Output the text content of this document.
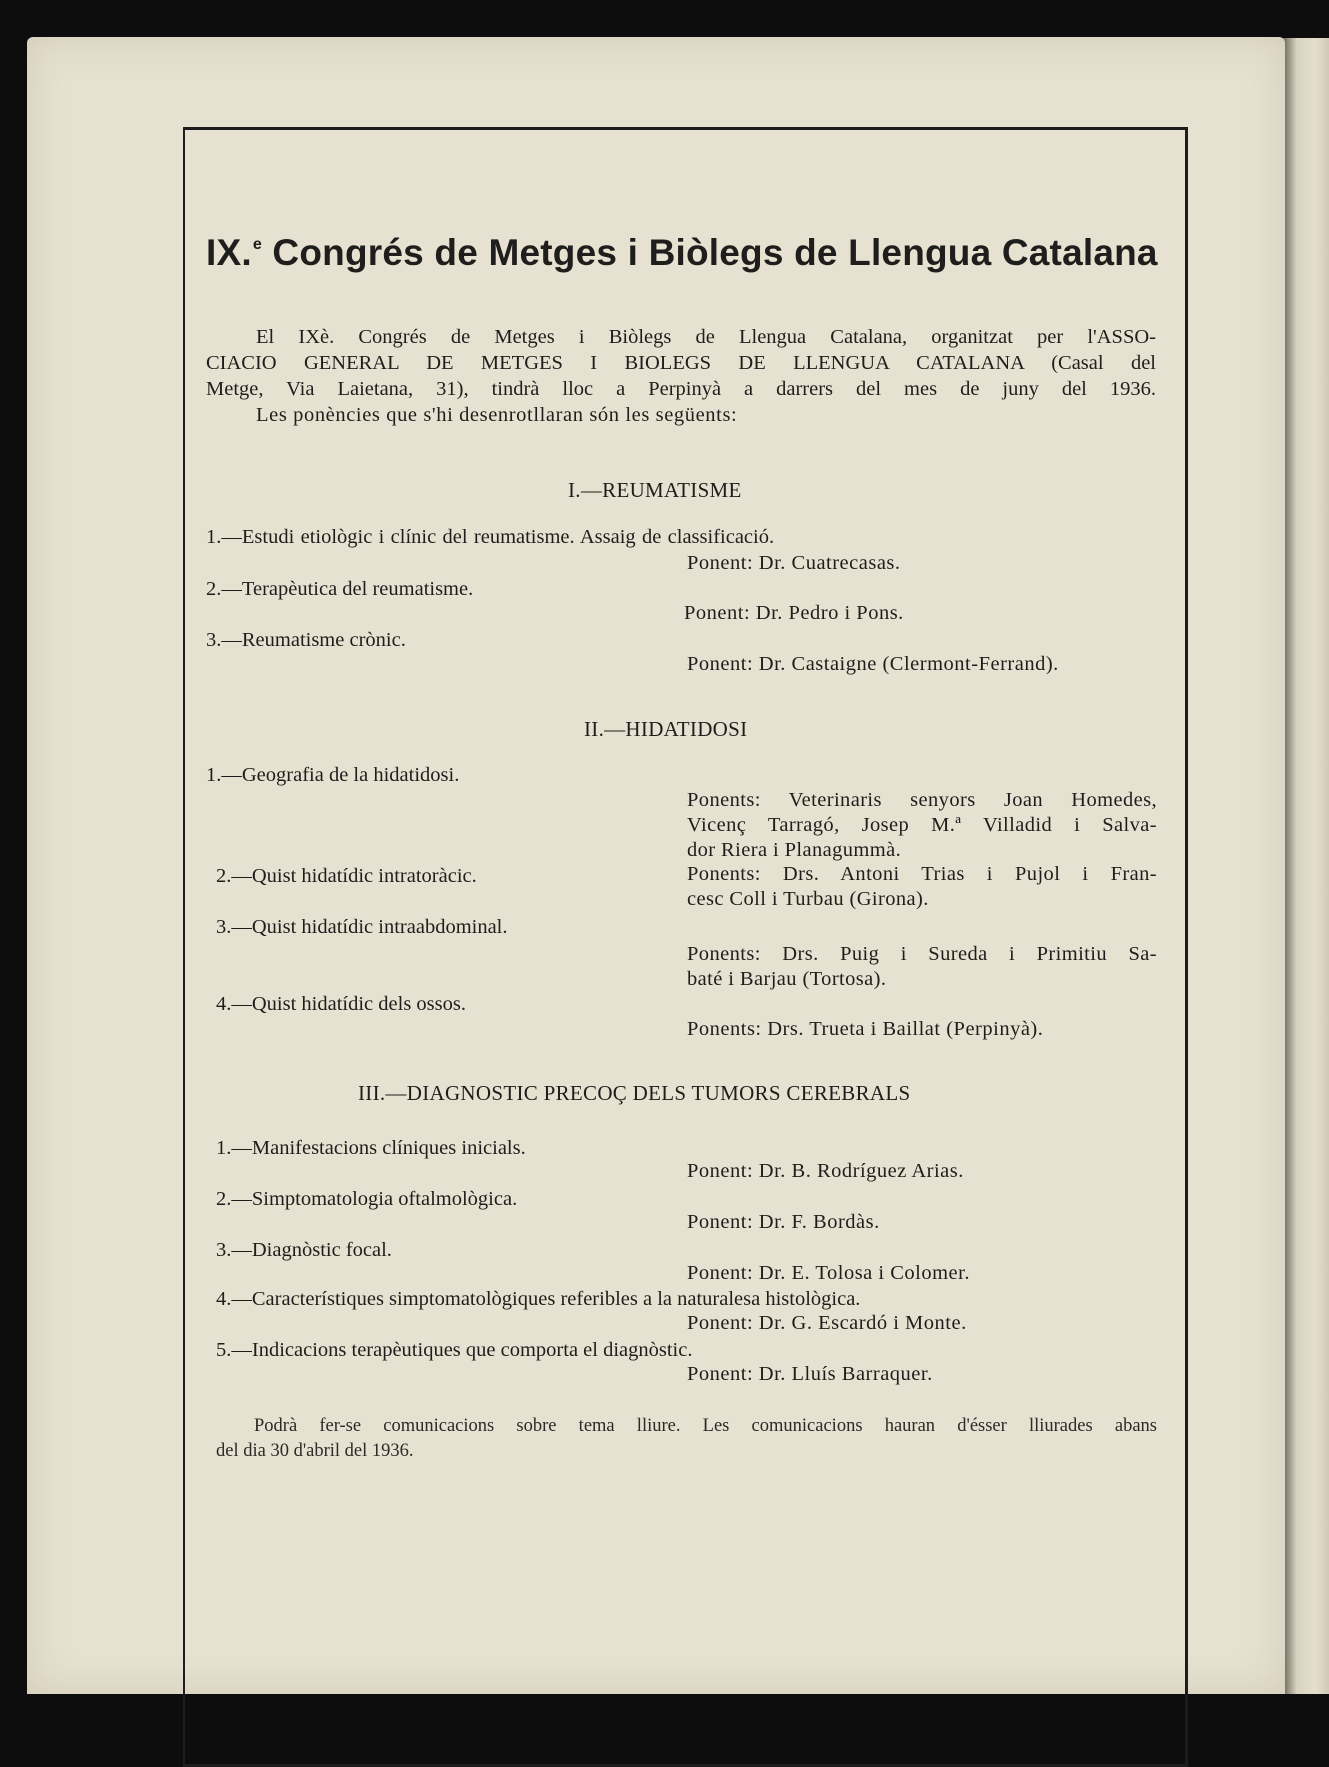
IX.$^e$ Congrés de Metges i Biòlegs de Llengua Catalana

El IXè. Congrés de Metges i Biòlegs de Llengua Catalana, organitzat per l'ASSO-

CIACIO GENERAL DE METGES I BIOLEGS DE LLENGUA CATALANA (Casal del

Metge, Via Laietana, 31), tindrà lloc a Perpinyà a darrers del mes de juny del 1936.

Les ponències que s'hi desenrotllaran són les següents:

I.—REUMATISME
1.—Estudi etiològic i clínic del reumatisme. Assaig de classificació.
Ponent: Dr. Cuatrecasas.
2.—Terapèutica del reumatisme.
Ponent: Dr. Pedro i Pons.
3.—Reumatisme crònic.
Ponent: Dr. Castaigne (Clermont-Ferrand).
II.—HIDATIDOSI
1.—Geografia de la hidatidosi.

Ponents: Veterinaris senyors Joan Homedes,

Vicenç Tarragó, Josep M.ª Villadid i Salva-

dor Riera i Planagummà.

2.—Quist hidatídic intratoràcic.	Ponents: Drs. Antoni Trias i Pujol i Fran-

cesc Coll i Turbau (Girona).

3.—Quist hidatídic intraabdominal.

Ponents: Drs. Puig i Sureda i Primitiu Sa-

baté i Barjau (Tortosa).

4.—Quist hidatídic dels ossos.
Ponents: Drs. Trueta i Baillat (Perpinyà).
III.—DIAGNOSTIC PRECOÇ DELS TUMORS CEREBRALS
1.—Manifestacions clíniques inicials.
Ponent: Dr. B. Rodríguez Arias.
2.—Simptomatologia oftalmològica.
Ponent: Dr. F. Bordàs.
3.—Diagnòstic focal.
Ponent: Dr. E. Tolosa i Colomer.
4.—Característiques simptomatològiques referibles a la naturalesa histològica.
Ponent: Dr. G. Escardó i Monte.
5.—Indicacions terapèutiques que comporta el diagnòstic.
Ponent: Dr. Lluís Barraquer.

Podrà fer-se comunicacions sobre tema lliure. Les comunicacions hauran d'ésser lliurades abans

del dia 30 d'abril del 1936.
